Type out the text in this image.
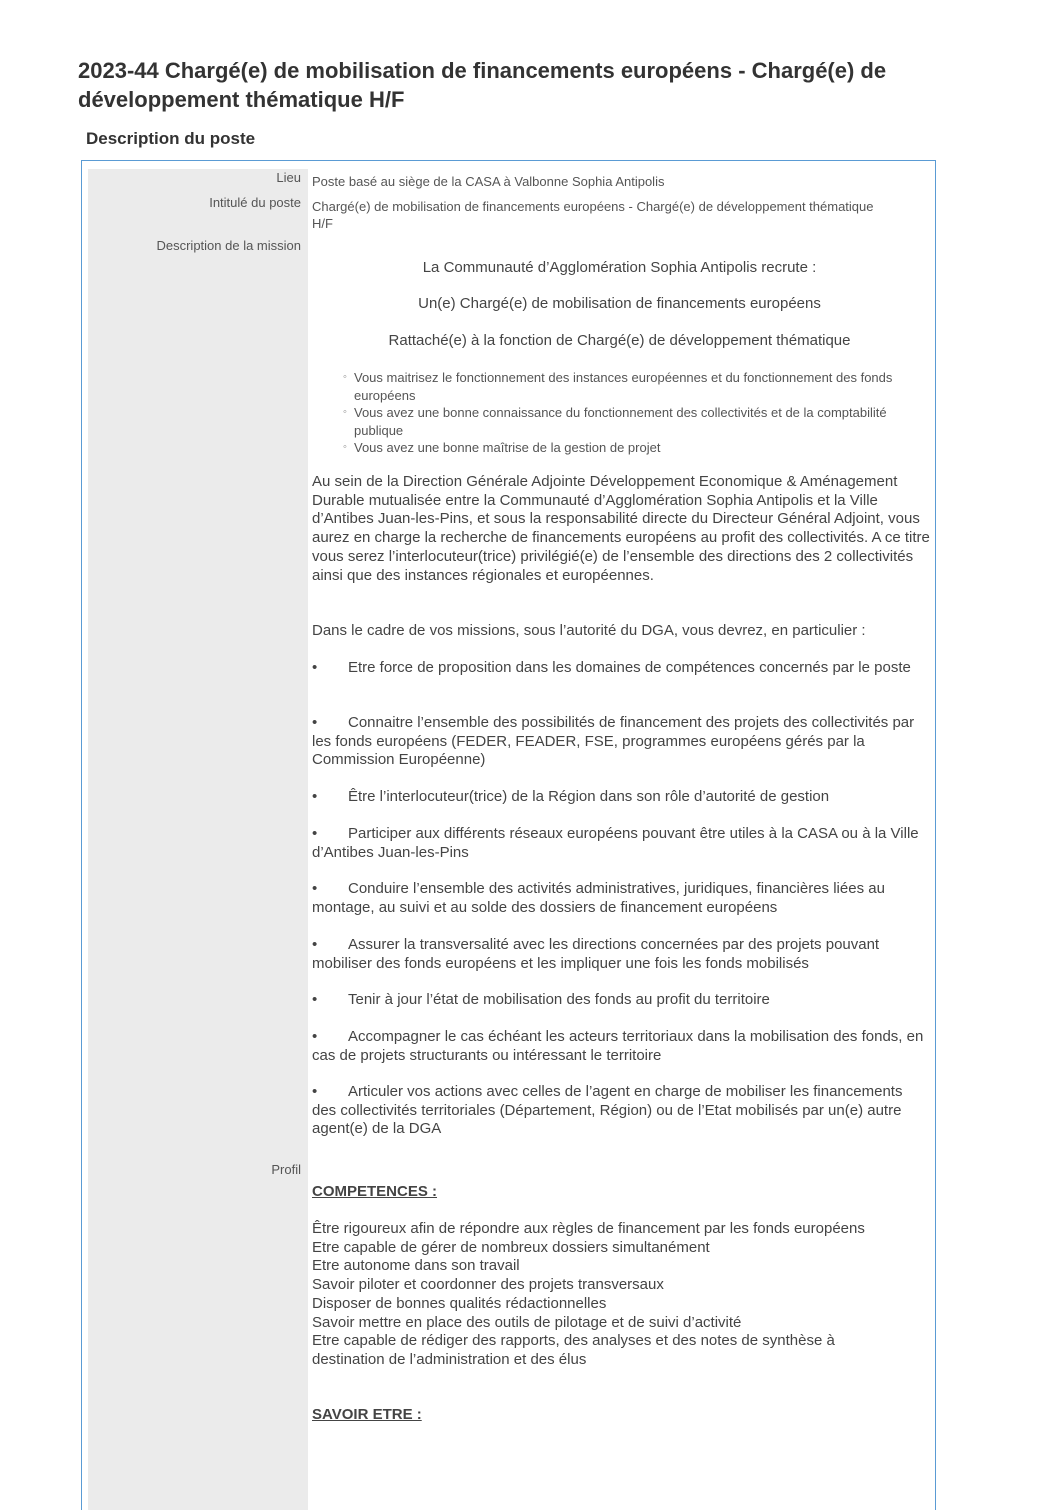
2023-44 Chargé(e) de mobilisation de financements européens - Chargé(e) de développement thématique H/F
Description du poste
Lieu
Intitulé du poste
Description de la mission
Profil
Poste basé au siège de la CASA à Valbonne Sophia Antipolis
Chargé(e) de mobilisation de financements européens - Chargé(e) de développement thématique H/F
La Communauté d’Agglomération Sophia Antipolis recrute :
Un(e) Chargé(e) de mobilisation de financements européens
Rattaché(e) à la fonction de Chargé(e) de développement thématique
◦ Vous maitrisez le fonctionnement des instances européennes et du fonctionnement des fonds européens
◦ Vous avez une bonne connaissance du fonctionnement des collectivités et de la comptabilité publique
◦ Vous avez une bonne maîtrise de la gestion de projet
Au sein de la Direction Générale Adjointe Développement Economique & Aménagement Durable mutualisée entre la Communauté d’Agglomération Sophia Antipolis et la Ville d’Antibes Juan-les-Pins, et sous la responsabilité directe du Directeur Général Adjoint, vous aurez en charge la recherche de financements européens au profit des collectivités. A ce titre vous serez l’interlocuteur(trice) privilégié(e) de l’ensemble des directions des 2 collectivités ainsi que des instances régionales et européennes.
Dans le cadre de vos missions, sous l’autorité du DGA, vous devrez, en particulier :
• Etre force de proposition dans les domaines de compétences concernés par le poste
• Connaitre l’ensemble des possibilités de financement des projets des collectivités par les fonds européens (FEDER, FEADER, FSE, programmes européens gérés par la Commission Européenne)
• Être l’interlocuteur(trice) de la Région dans son rôle d’autorité de gestion
• Participer aux différents réseaux européens pouvant être utiles à la CASA ou à la Ville d’Antibes Juan-les-Pins
• Conduire l’ensemble des activités administratives, juridiques, financières liées au montage, au suivi et au solde des dossiers de financement européens
• Assurer la transversalité avec les directions concernées par des projets pouvant mobiliser des fonds européens et les impliquer une fois les fonds mobilisés
• Tenir à jour l’état de mobilisation des fonds au profit du territoire
• Accompagner le cas échéant les acteurs territoriaux dans la mobilisation des fonds, en cas de projets structurants ou intéressant le territoire
• Articuler vos actions avec celles de l’agent en charge de mobiliser les financements des collectivités territoriales (Département, Région) ou de l’Etat mobilisés par un(e) autre agent(e) de la DGA
COMPETENCES :
Être rigoureux afin de répondre aux règles de financement par les fonds européens
Etre capable de gérer de nombreux dossiers simultanément
Etre autonome dans son travail
Savoir piloter et coordonner des projets transversaux
Disposer de bonnes qualités rédactionnelles
Savoir mettre en place des outils de pilotage et de suivi d’activité
Etre capable de rédiger des rapports, des analyses et des notes de synthèse à destination de l’administration et des élus
SAVOIR ETRE :
